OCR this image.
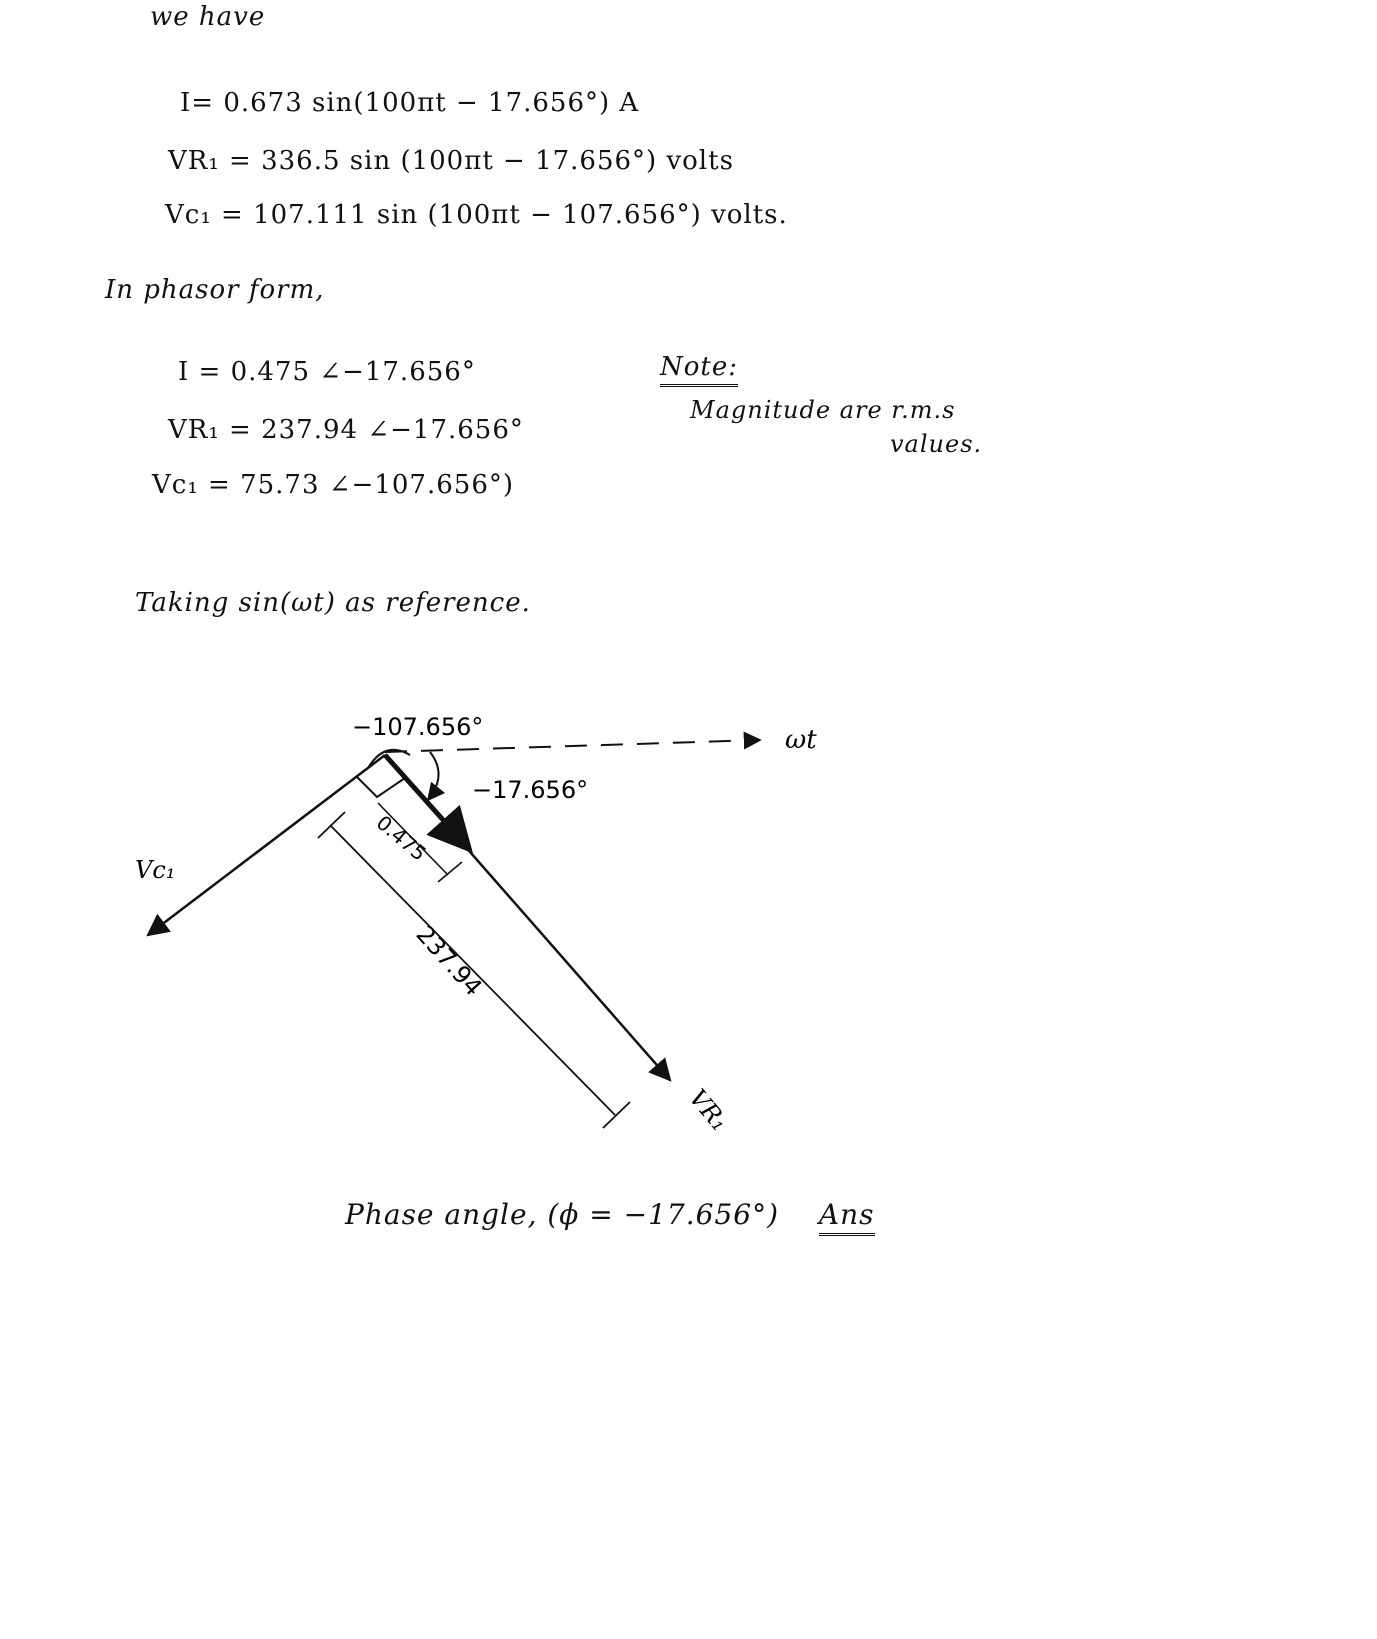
we have
I= 0.673 sin(100πt − 17.656°) A
VR₁ = 336.5 sin (100πt − 17.656°) volts
Vc₁ = 107.111 sin (100πt − 107.656°) volts.
In phasor form,
I = 0.475 ∠−17.656°
VR₁ = 237.94 ∠−17.656°
Vc₁ = 75.73 ∠−107.656°)
Note:
Magnitude are r.m.s
values.
Taking sin(ωt) as reference.
−107.656°
−17.656°
ωt
Vc₁
VR₁
0.475
237.94
Phase angle, (ϕ = −17.656°) Ans
